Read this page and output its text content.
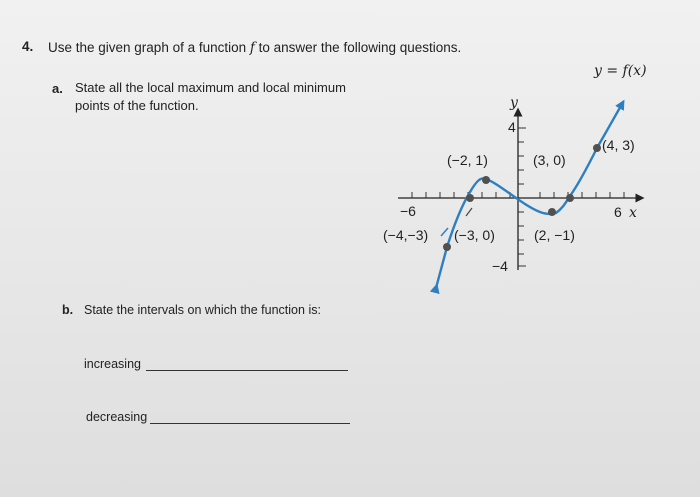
4. Use the given graph of a function f to answer the following questions.
a. State all the local maximum and local minimum
points of the function.
b. State the intervals on which the function is:
increasing
decreasing
y = f(x)
y
x
4
−4
−6	6
(−2, 1)	(3, 0)
(4, 3)
(−4,−3) (−3, 0)	(2, −1)
